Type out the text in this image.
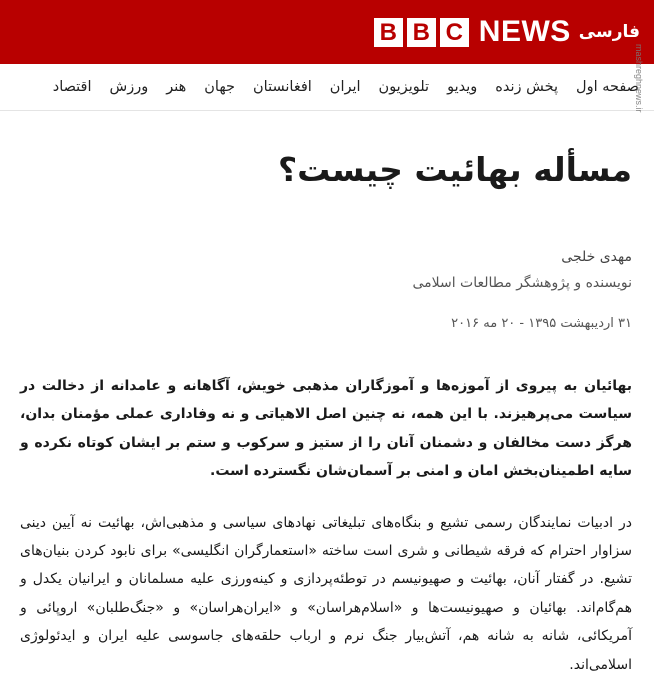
B B C NEWS فارسی
صفحه اول
پخش زنده
ویدیو
تلویزیون
ایران
افغانستان
جهان
هنر
ورزش
اقتصاد	mashreghnews.ir
مسأله بهائیت چیست؟
مهدی خلجی
نویسنده و پژوهشگر مطالعات اسلامی
۳۱ اردیبهشت ۱۳۹۵ - ۲۰ مه ۲۰۱۶

بهائیان به پیروی از آموزه‌ها و آموزگاران مذهبی خویش، آگاهانه و عامدانه از دخالت در سیاست می‌پرهیزند. با این همه، نه چنین اصل الاهیاتی و نه وفاداری عملی مؤمنان بدان، هرگز دست مخالفان و دشمنان آنان را از ستیز و سرکوب و ستم بر ایشان کوتاه نکرده و سایه اطمینان‌بخش امان و امنی بر آسمان‌شان نگسترده است.

در ادبیات نمایندگان رسمی تشیع و بنگاه‌های تبلیغاتی نهادهای سیاسی و مذهبی‌اش، بهائیت نه آیین دینی سزاوار احترام که فرقه شیطانی و شری است ساخته «استعمارگران انگلیسی» برای نابود کردن بنیان‌های تشیع. در گفتار آنان، بهائیت و صهیونیسم در توطئه‌پردازی و کینه‌ورزی علیه مسلمانان و ایرانیان یکدل و هم‌گام‌اند. بهائیان و صهیونیست‌ها و «اسلام‌هراسان» و «ایران‌هراسان» و «جنگ‌طلبان» اروپائی و آمریکائی، شانه به شانه هم، آتش‌بیار جنگ نرم و ارباب حلقه‌های جاسوسی علیه ایران و ایدئولوژی اسلامی‌اند.
